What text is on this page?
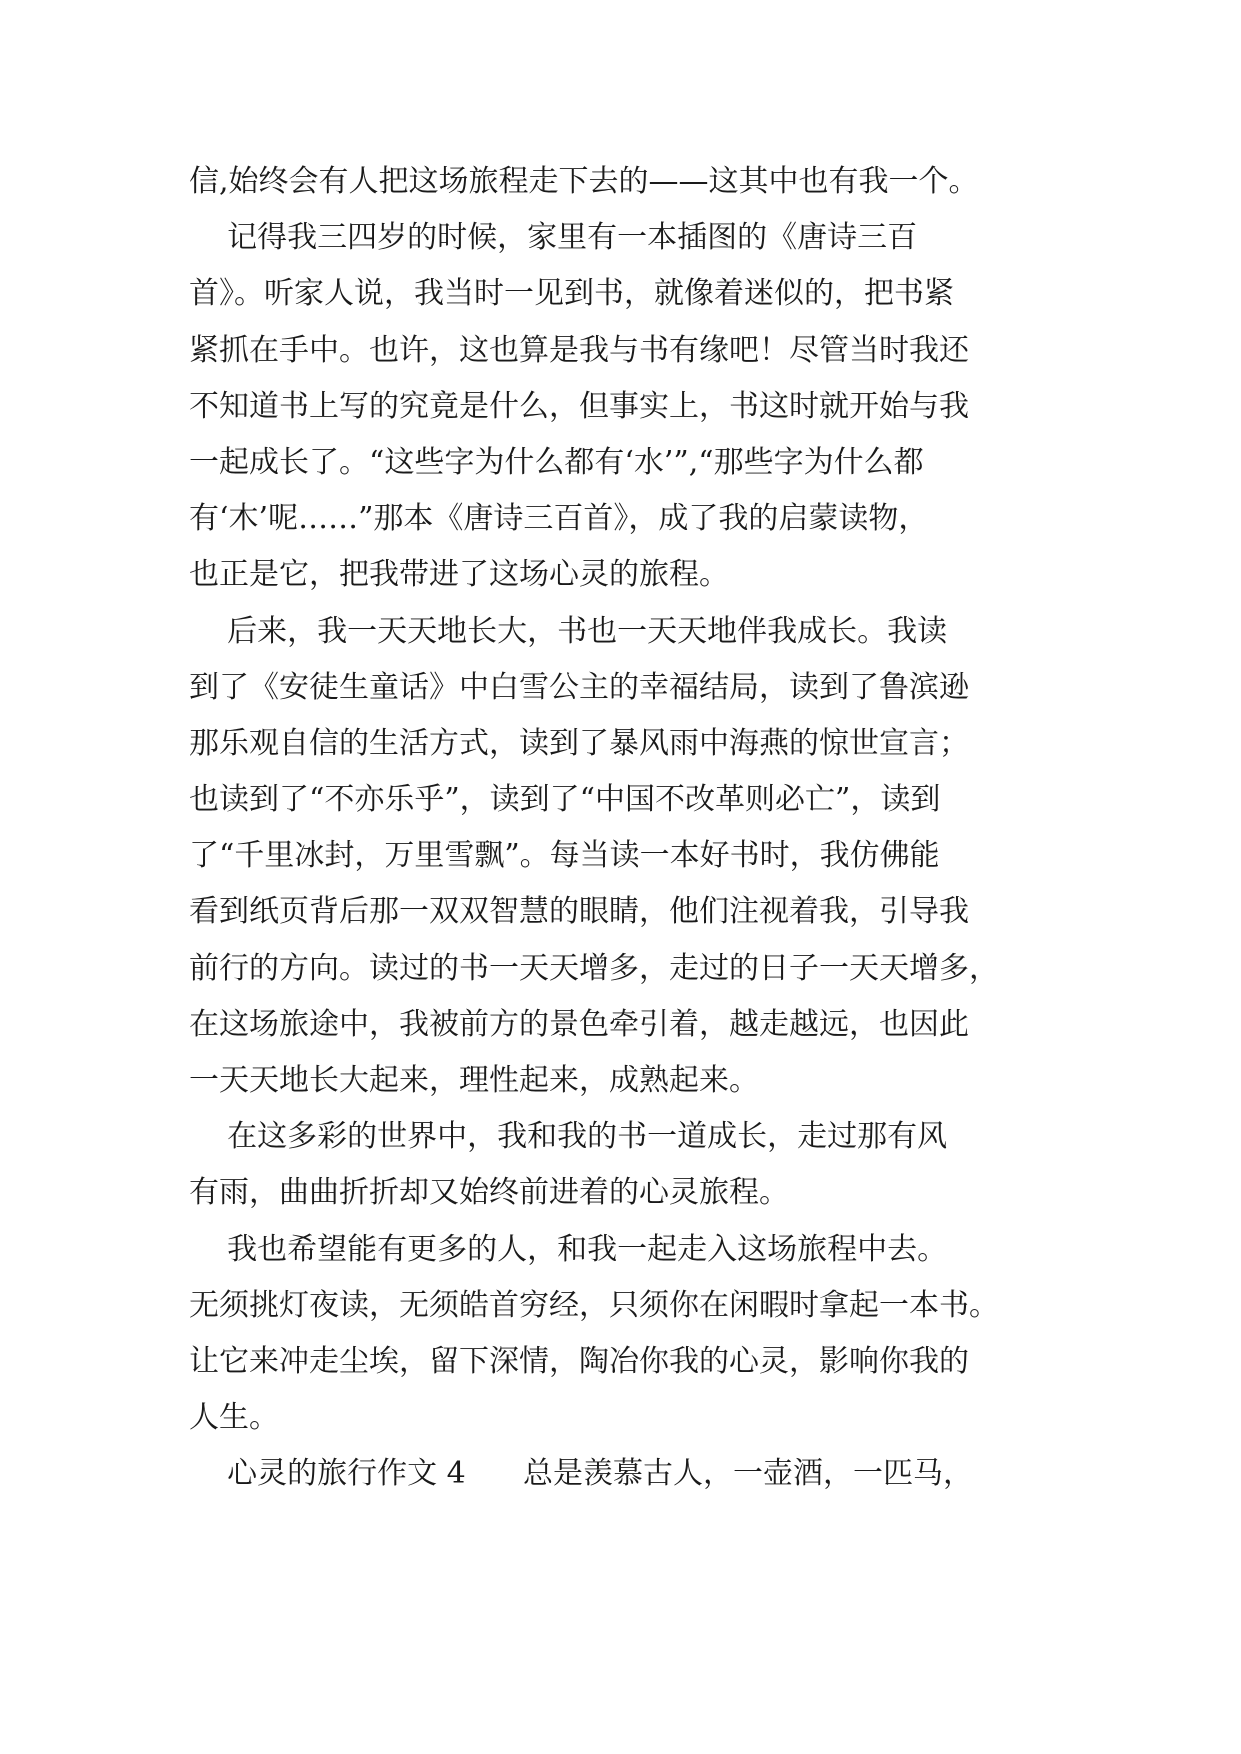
信,始终会有人把这场旅程走下去的——这其中也有我一个。

记得我三四岁的时候，家里有一本插图的《唐诗三百

首》。听家人说，我当时一见到书，就像着迷似的，把书紧

紧抓在手中。也许，这也算是我与书有缘吧！尽管当时我还

不知道书上写的究竟是什么，但事实上，书这时就开始与我

一起成长了。“这些字为什么都有‘水’”,“那些字为什么都

有‘木’呢……”那本《唐诗三百首》，成了我的启蒙读物，

也正是它，把我带进了这场心灵的旅程。

后来，我一天天地长大，书也一天天地伴我成长。我读

到了《安徒生童话》中白雪公主的幸福结局，读到了鲁滨逊

那乐观自信的生活方式，读到了暴风雨中海燕的惊世宣言；

也读到了“不亦乐乎”，读到了“中国不改革则必亡”，读到

了“千里冰封，万里雪飘”。每当读一本好书时，我仿佛能

看到纸页背后那一双双智慧的眼睛，他们注视着我，引导我

前行的方向。读过的书一天天增多，走过的日子一天天增多，

在这场旅途中，我被前方的景色牵引着，越走越远，也因此

一天天地长大起来，理性起来，成熟起来。

在这多彩的世界中，我和我的书一道成长，走过那有风

有雨，曲曲折折却又始终前进着的心灵旅程。

我也希望能有更多的人，和我一起走入这场旅程中去。

无须挑灯夜读，无须皓首穷经，只须你在闲暇时拿起一本书。

让它来冲走尘埃，留下深情，陶冶你我的心灵，影响你我的

人生。

心灵的旅行作文 4      总是羡慕古人，一壶酒，一匹马，
